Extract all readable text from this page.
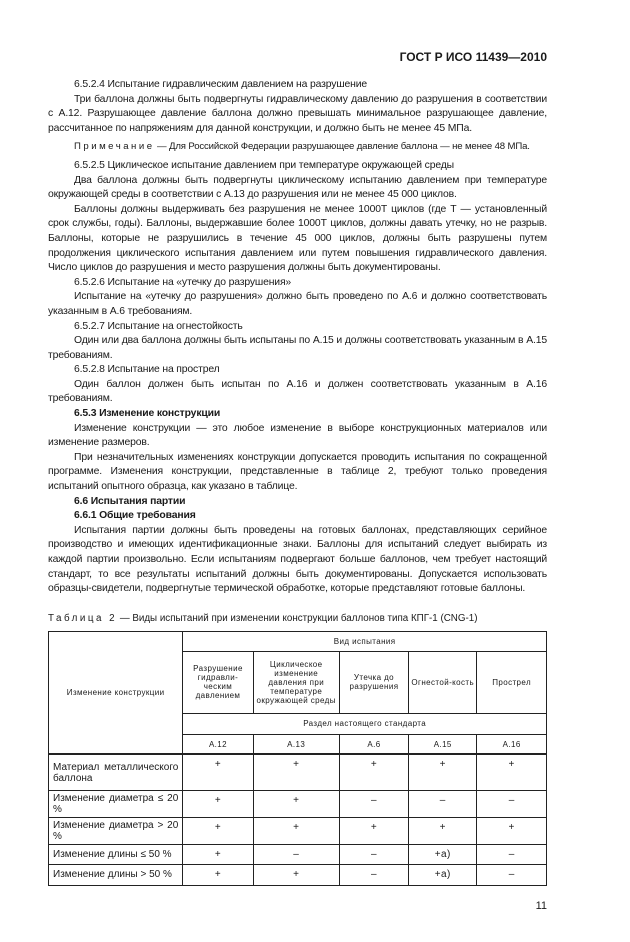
ГОСТ Р ИСО 11439—2010

6.5.2.4 Испытание гидравлическим давлением на разрушение

Три баллона должны быть подвергнуты гидравлическому давлению до разрушения в соответствии с А.12. Разрушающее давление баллона должно превышать минимальное разрушающее давление, рассчитанное по напряжениям для данной конструкции, и должно быть не менее 45 МПа.

Примечание — Для Российской Федерации разрушающее давление баллона — не менее 48 МПа.

6.5.2.5 Циклическое испытание давлением при температуре окружающей среды

Два баллона должны быть подвергнуты циклическому испытанию давлением при температуре окружающей среды в соответствии с А.13 до разрушения или не менее 45 000 циклов.

Баллоны должны выдерживать без разрушения не менее 1000Т циклов (где Т — установленный срок службы, годы). Баллоны, выдержавшие более 1000Т циклов, должны давать утечку, но не разрыв. Баллоны, которые не разрушились в течение 45 000 циклов, должны быть разрушены путем продолжения циклического испытания давлением или путем повышения гидравлического давления. Число циклов до разрушения и место разрушения должны быть документированы.

6.5.2.6 Испытание на «утечку до разрушения»

Испытание на «утечку до разрушения» должно быть проведено по А.6 и должно соответствовать указанным в А.6 требованиям.

6.5.2.7 Испытание на огнестойкость

Один или два баллона должны быть испытаны по А.15 и должны соответствовать указанным в А.15 требованиям.

6.5.2.8 Испытание на прострел

Один баллон должен быть испытан по А.16 и должен соответствовать указанным в А.16 требованиям.

6.5.3 Изменение конструкции

Изменение конструкции — это любое изменение в выборе конструкционных материалов или изменение размеров.

При незначительных изменениях конструкции допускается проводить испытания по сокращенной программе. Изменения конструкции, представленные в таблице 2, требуют только проведения испытаний опытного образца, как указано в таблице.

6.6 Испытания партии

6.6.1 Общие требования

Испытания партии должны быть проведены на готовых баллонах, представляющих серийное производство и имеющих идентификационные знаки. Баллоны для испытаний следует выбирать из каждой партии произвольно. Если испытаниям подвергают больше баллонов, чем требует настоящий стандарт, то все результаты испытаний должны быть документированы. Допускается использовать образцы-свидетели, подвергнутые термической обработке, которые представляют готовые баллоны.

Таблица 2 — Виды испытаний при изменении конструкции баллонов типа КПГ-1 (CNG-1)
Изменение конструкции	Вид испытания				
	Разрушение гидравли-ческим давлением	Циклическое изменение давления при температуре окружающей среды	Утечка до разрушения	Огнестой-кость	Прострел
	Раздел настоящего стандарта				
	А.12	А.13	А.6	А.15	А.16
Материал металлического баллона	+	+	+	+	+
Изменение диаметра ≤ 20 %	+	+	–	–	–
Изменение диаметра > 20 %	+	+	+	+	+
Изменение длины ≤ 50 %	+	–	–	+a)	–
Изменение длины > 50 %	+	+	–	+a)	–
11
